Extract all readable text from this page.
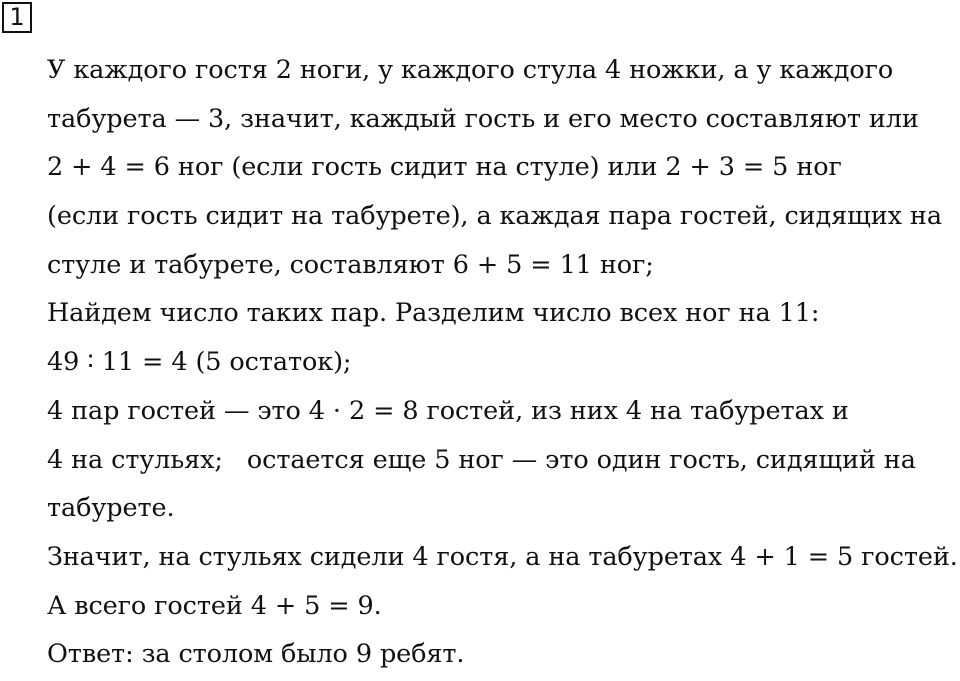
1
У каждого гостя 2 ноги, у каждого стула 4 ножки, а у каждого
табурета — 3, значит, каждый гость и его место составляют или
2 + 4 = 6 ног (если гость сидит на стуле) или 2 + 3 = 5 ног
(если гость сидит на табурете), а каждая пара гостей, сидящих на
стуле и табурете, составляют 6 + 5 = 11 ног;
Найдем число таких пар. Разделим число всех ног на 11:
49 ∶ 11 = 4 (5 остаток);
4 пар гостей — это 4 · 2 = 8 гостей, из них 4 на табуретах и
4 на стульях;   остается еще 5 ног — это один гость, сидящий на
табурете.
Значит, на стульях сидели 4 гостя, а на табуретах 4 + 1 = 5 гостей.
А всего гостей 4 + 5 = 9.
Ответ: за столом было 9 ребят.
